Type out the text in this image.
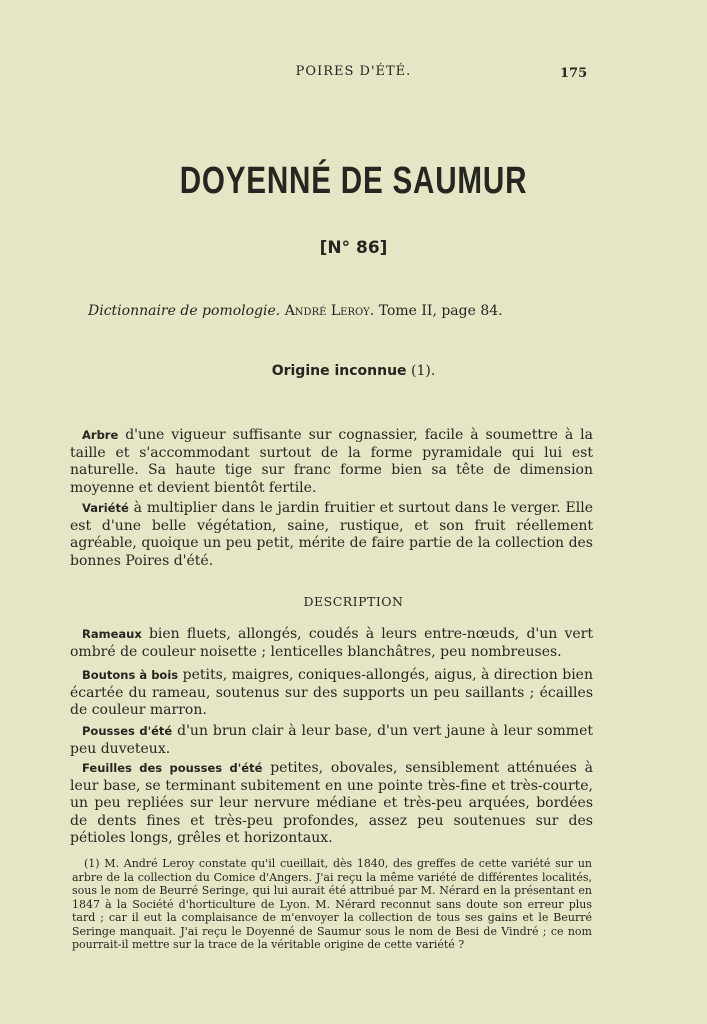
POIRES D'ÉTÉ.	175
DOYENNÉ DE SAUMUR
[N° 86]
Dictionnaire de pomologie. André Leroy. Tome II, page 84.
Origine inconnue (1).
Arbre d'une vigueur suffisante sur cognassier, facile à soumettre à la taille et s'accommodant surtout de la forme pyramidale qui lui est naturelle. Sa haute tige sur franc forme bien sa tête de dimension moyenne et devient bientôt fertile.
Variété à multiplier dans le jardin fruitier et surtout dans le verger. Elle est d'une belle végétation, saine, rustique, et son fruit réellement agréable, quoique un peu petit, mérite de faire partie de la collection des bonnes Poires d'été.
DESCRIPTION
Rameaux bien fluets, allongés, coudés à leurs entre-nœuds, d'un vert ombré de couleur noisette ; lenticelles blanchâtres, peu nombreuses.
Boutons à bois petits, maigres, coniques-allongés, aigus, à direction bien écartée du rameau, soutenus sur des supports un peu saillants ; écailles de couleur marron.
Pousses d'été d'un brun clair à leur base, d'un vert jaune à leur sommet peu duveteux.
Feuilles des pousses d'été petites, obovales, sensiblement atténuées à leur base, se terminant subitement en une pointe très-fine et très-courte, un peu repliées sur leur nervure médiane et très-peu arquées, bordées de dents fines et très-peu profondes, assez peu soutenues sur des pétioles longs, grêles et horizontaux.
(1) M. André Leroy constate qu'il cueillait, dès 1840, des greffes de cette variété sur un arbre de la collection du Comice d'Angers. J'ai reçu la même variété de différentes localités, sous le nom de Beurré Seringe, qui lui aurait été attribué par M. Nérard en la présentant en 1847 à la Société d'horticulture de Lyon. M. Nérard reconnut sans doute son erreur plus tard ; car il eut la complaisance de m'envoyer la collection de tous ses gains et le Beurré Seringe manquait. J'ai reçu le Doyenné de Saumur sous le nom de Besi de Vindré ; ce nom pourrait-il mettre sur la trace de la véritable origine de cette variété ?
